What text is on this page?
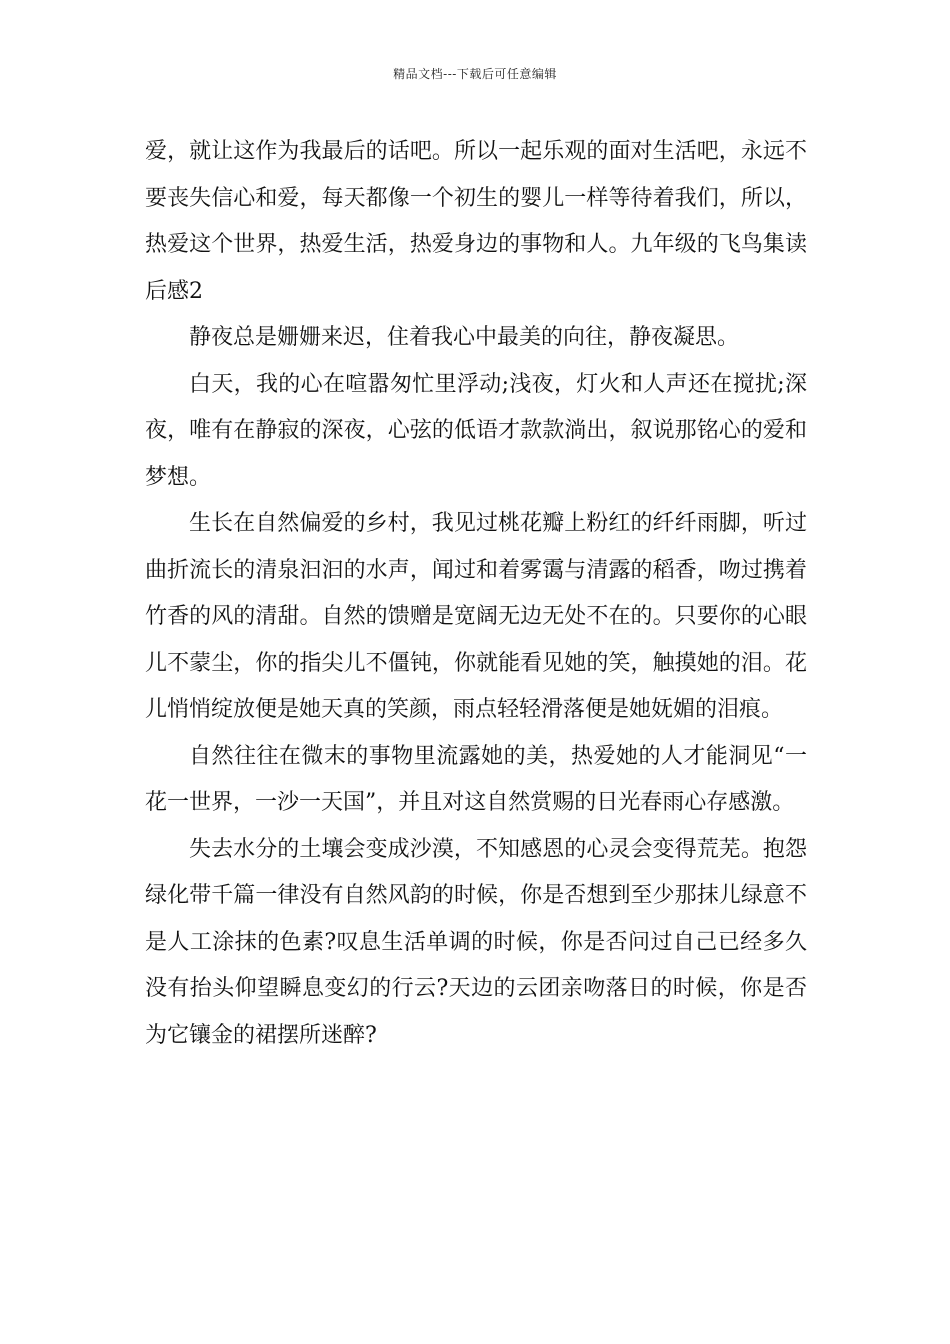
精品文档---下载后可任意编辑

爱，就让这作为我最后的话吧。所以一起乐观的面对生活吧，永远不要丧失信心和爱，每天都像一个初生的婴儿一样等待着我们，所以，热爱这个世界，热爱生活，热爱身边的事物和人。九年级的飞鸟集读后感2

静夜总是姗姗来迟，住着我心中最美的向往，静夜凝思。

白天，我的心在喧嚣匆忙里浮动;浅夜，灯火和人声还在搅扰;深夜，唯有在静寂的深夜，心弦的低语才款款淌出，叙说那铭心的爱和梦想。

生长在自然偏爱的乡村，我见过桃花瓣上粉红的纤纤雨脚，听过曲折流长的清泉汩汩的水声，闻过和着雾霭与清露的稻香，吻过携着竹香的风的清甜。自然的馈赠是宽阔无边无处不在的。只要你的心眼儿不蒙尘，你的指尖儿不僵钝，你就能看见她的笑，触摸她的泪。花儿悄悄绽放便是她天真的笑颜，雨点轻轻滑落便是她妩媚的泪痕。

自然往往在微末的事物里流露她的美，热爱她的人才能洞见“一花一世界，一沙一天国”，并且对这自然赏赐的日光春雨心存感激。

失去水分的土壤会变成沙漠，不知感恩的心灵会变得荒芜。抱怨绿化带千篇一律没有自然风韵的时候，你是否想到至少那抹儿绿意不是人工涂抹的色素?叹息生活单调的时候，你是否问过自己已经多久没有抬头仰望瞬息变幻的行云?天边的云团亲吻落日的时候，你是否为它镶金的裙摆所迷醉?
